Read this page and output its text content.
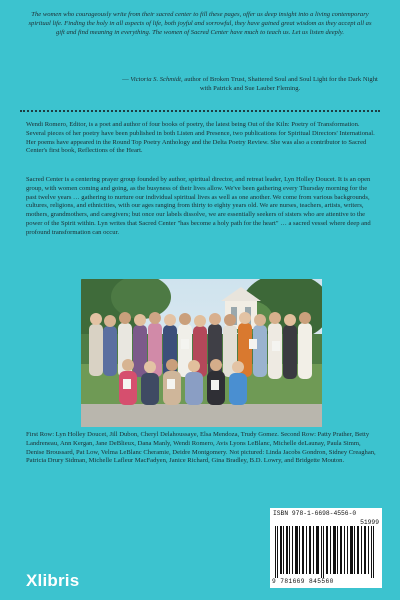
The women who courageously write from their sacred center to fill these pages, offer us deep insight into a living contemporary spiritual life. Finding the holy in all aspects of life, both joyful and sorrowful, they have gained great wisdom as they accept all as gift and find meaning in everything. The women of Sacred Center have much to teach us. Let us listen deeply.
— Victoria S. Schmidt, author of Broken Trust, Shattered Soul and Soul Light for the Dark Night with Patrick and Sue Lauber Fleming.
Wendi Romero, Editor, is a poet and author of four books of poetry, the latest being Out of the Kiln: Poetry of Transformation. Several pieces of her poetry have been published in both Listen and Presence, two publications for Spiritual Directors' International. Her poems have appeared in the Round Top Poetry Anthology and the Delta Poetry Review. She was also a contributor to Sacred Center's first book, Reflections of the Heart.
Sacred Center is a centering prayer group founded by author, spiritual director, and retreat leader, Lyn Holley Doucet. It is an open group, with women coming and going, as the busyness of their lives allow. We've been gathering every Thursday morning for the past twelve years … gathering to nurture our individual spiritual lives as well as one another. We come from various backgrounds, cultures, religions, and ethnicities, with our ages ranging from thirty to eighty years old. We are nurses, teachers, artists, writers, mothers, grandmothers, and caregivers; but once our labels dissolve, we are essentially seekers of sisters who are attentive to the power of the Spirit within. Lyn writes that Sacred Center "has become a holy path for the heart" … a sacred vessel where deep and profound transformation can occur.
First Row: Lyn Holley Doucet, Jill Dubon, Cheryl Delahoussaye, Elsa Mendoza, Trudy Gomez. Second Row: Patty Prather, Betty Landreneau, Ann Kergan, Jane DeBlieux, Dana Manly, Wendi Romero, Avis Lyons LeBlanc, Michelle deLaunay, Paula Simm, Denise Broussard, Pat Low, Velma LeBlanc Cheramie, Deidre Montgomery. Not pictured: Linda Jacobs Gondron, Sidney Creaghan, Patricia Drury Sidman, Michelle Lafleur MacFadyen, Janice Richard, Gina Bradley, B.D. Lowry, and Bridgette Mouton.
Xlibris
ISBN 978-1-6698-4556-0
51999
9 781669 845560
